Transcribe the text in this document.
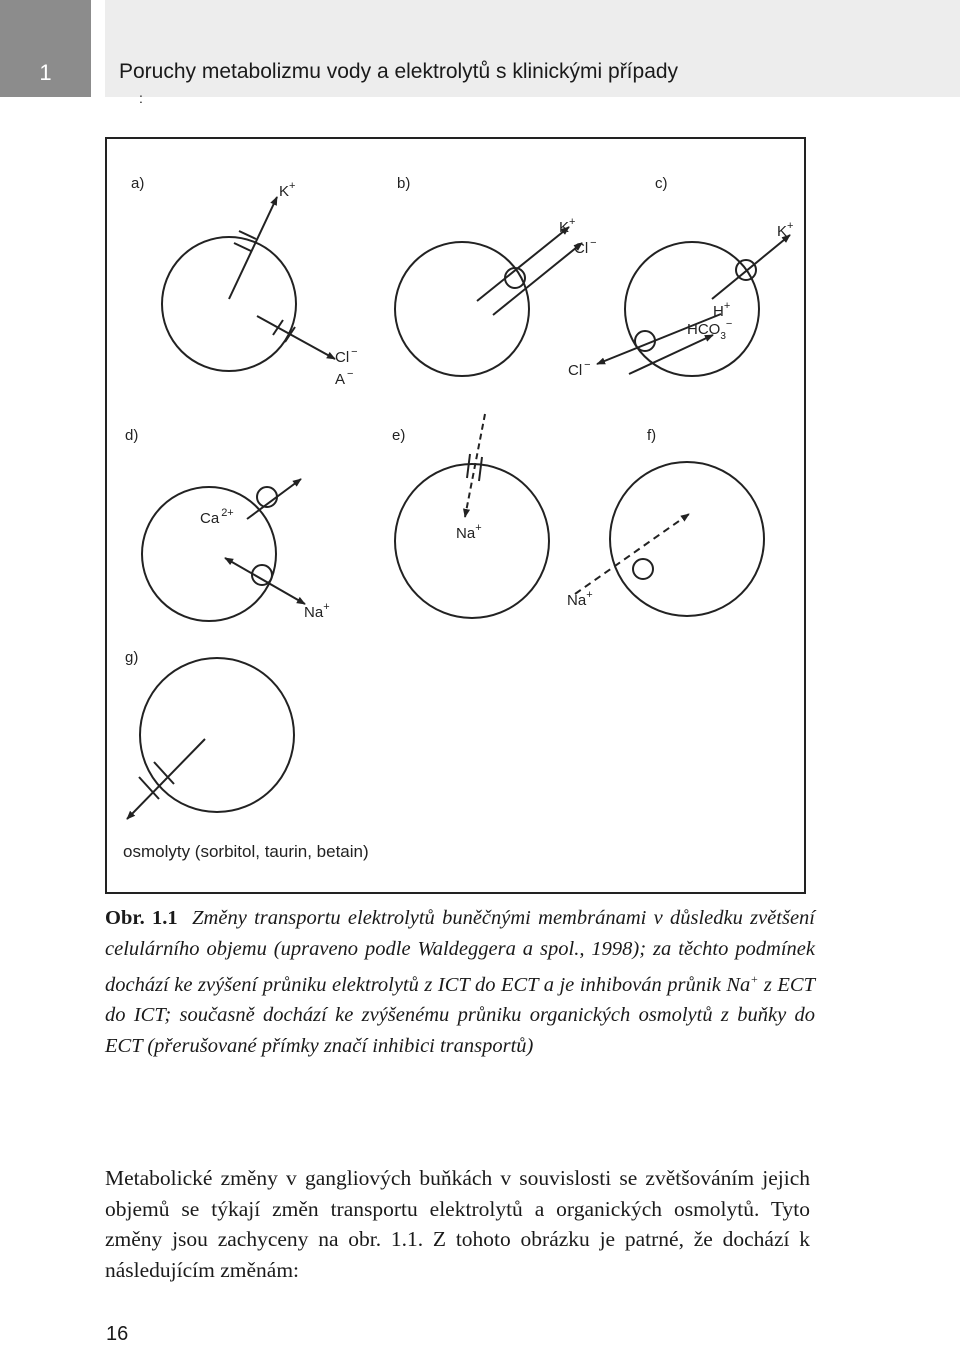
1	Poruchy metabolizmu vody a elektrolytů s klinickými případy
:
a)	b)	c)
d)	e)	f)
g)
K+
Cl −
A −
K+
Cl −
K+
H+
$HCO_3^-$
Cl −
Ca $^{2+}$
Na+
Na+
Na+
osmolyty (sorbitol, taurin, betain)
Obr. 1.1 Změny transportu elektrolytů buněčnými membránami v důsledku zvětšení celulárního objemu (upraveno podle Waldeggera a spol., 1998); za těchto podmínek dochází ke zvýšení průniku elektrolytů z ICT do ECT a je inhibován průnik Na+ z ECT do ICT; současně dochází ke zvýšenému průniku organických osmolytů z buňky do ECT (přerušované přímky značí inhibici transportů)
Metabolické změny v gangliových buňkách v souvislosti se zvětšováním jejich objemů se týkají změn transportu elektrolytů a organických osmolytů. Tyto změny jsou zachyceny na obr. 1.1. Z tohoto obrázku je patrné, že dochází k následujícím změnám:
16
